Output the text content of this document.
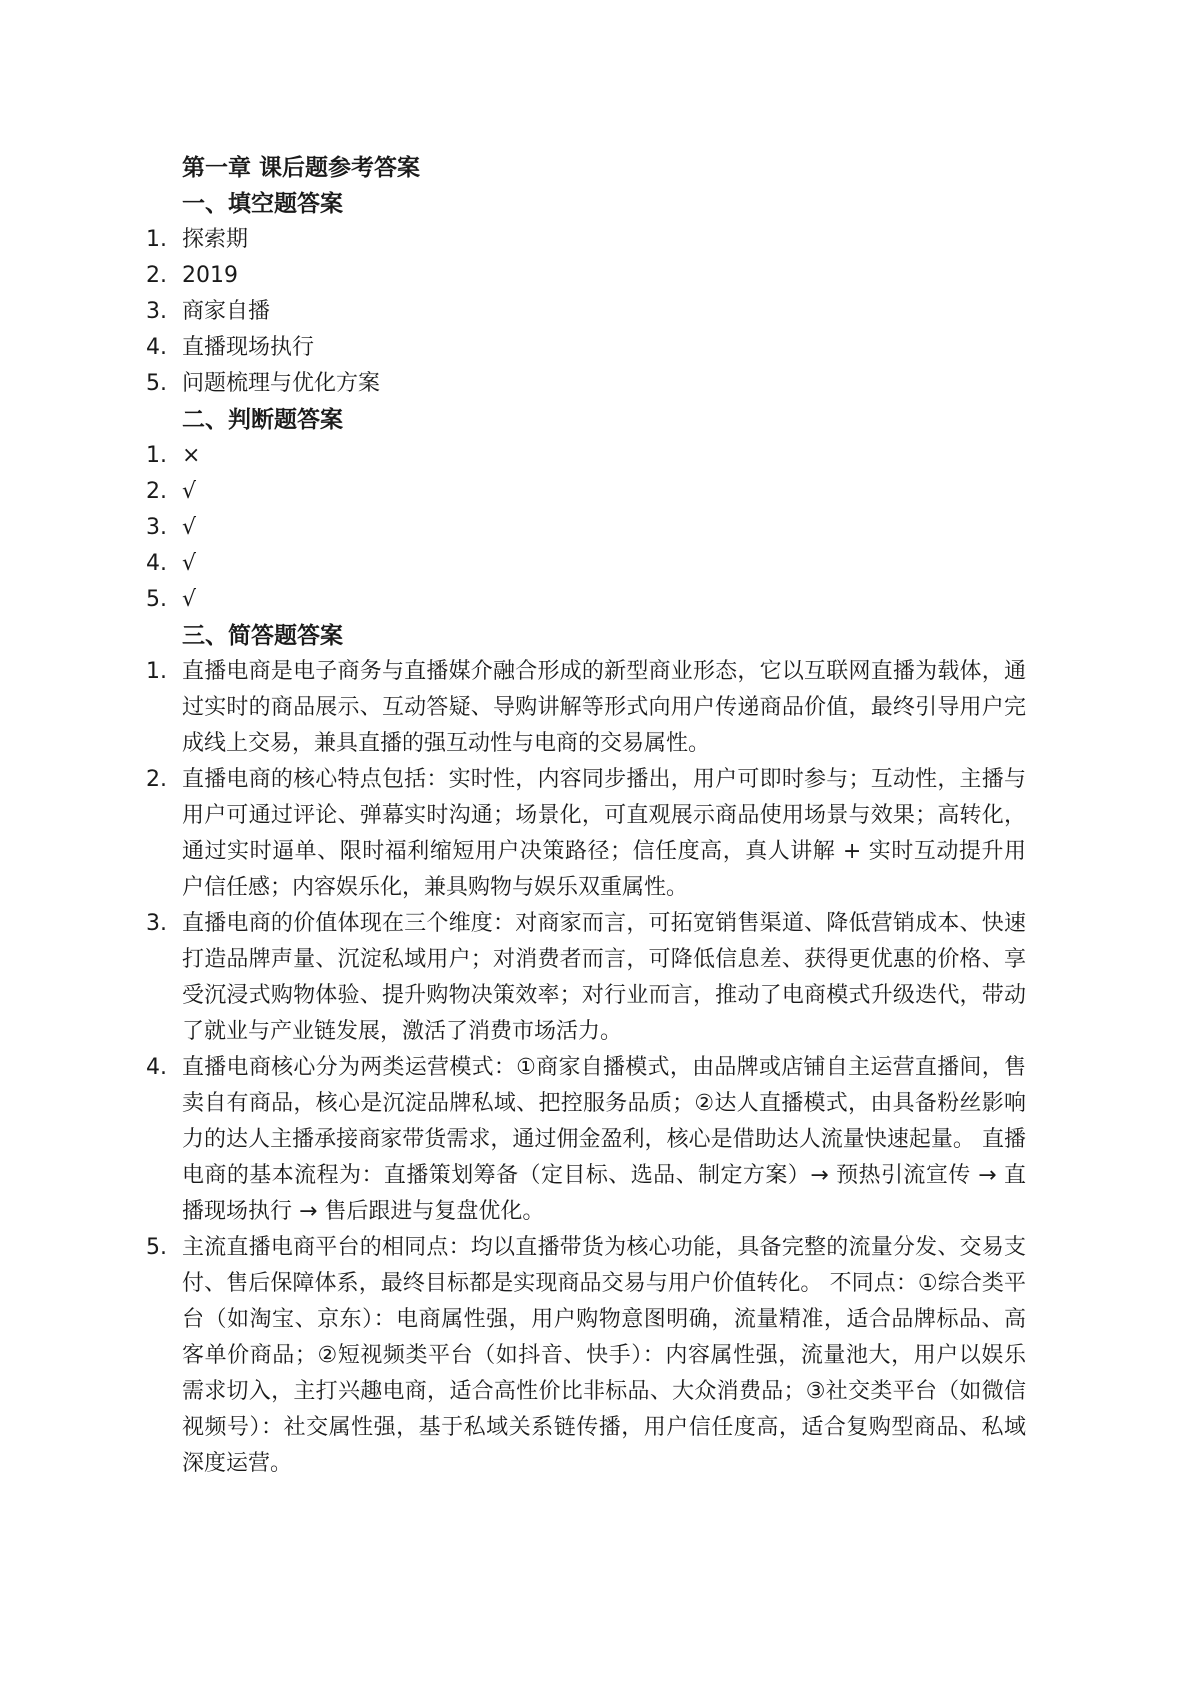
第一章 课后题参考答案
一、填空题答案
1. 探索期
2. 2019
3. 商家自播
4. 直播现场执行
5. 问题梳理与优化方案
二、判断题答案
1. ×
2. √
3. √
4. √
5. √
三、简答题答案
1. 直播电商是电子商务与直播媒介融合形成的新型商业形态，它以互联网直播为载体，通过实时的商品展示、互动答疑、导购讲解等形式向用户传递商品价值，最终引导用户完成线上交易，兼具直播的强互动性与电商的交易属性。
2. 直播电商的核心特点包括：实时性，内容同步播出，用户可即时参与；互动性，主播与用户可通过评论、弹幕实时沟通；场景化，可直观展示商品使用场景与效果；高转化，通过实时逼单、限时福利缩短用户决策路径；信任度高，真人讲解 + 实时互动提升用户信任感；内容娱乐化，兼具购物与娱乐双重属性。
3. 直播电商的价值体现在三个维度：对商家而言，可拓宽销售渠道、降低营销成本、快速打造品牌声量、沉淀私域用户；对消费者而言，可降低信息差、获得更优惠的价格、享受沉浸式购物体验、提升购物决策效率；对行业而言，推动了电商模式升级迭代，带动了就业与产业链发展，激活了消费市场活力。
4. 直播电商核心分为两类运营模式：①商家自播模式，由品牌或店铺自主运营直播间，售卖自有商品，核心是沉淀品牌私域、把控服务品质；②达人直播模式，由具备粉丝影响力的达人主播承接商家带货需求，通过佣金盈利，核心是借助达人流量快速起量。 直播电商的基本流程为：直播策划筹备（定目标、选品、制定方案）→ 预热引流宣传 → 直播现场执行 → 售后跟进与复盘优化。
5. 主流直播电商平台的相同点：均以直播带货为核心功能，具备完整的流量分发、交易支付、售后保障体系，最终目标都是实现商品交易与用户价值转化。 不同点：①综合类平台（如淘宝、京东）：电商属性强，用户购物意图明确，流量精准，适合品牌标品、高客单价商品；②短视频类平台（如抖音、快手）：内容属性强，流量池大，用户以娱乐需求切入，主打兴趣电商，适合高性价比非标品、大众消费品；③社交类平台（如微信视频号）：社交属性强，基于私域关系链传播，用户信任度高，适合复购型商品、私域深度运营。
